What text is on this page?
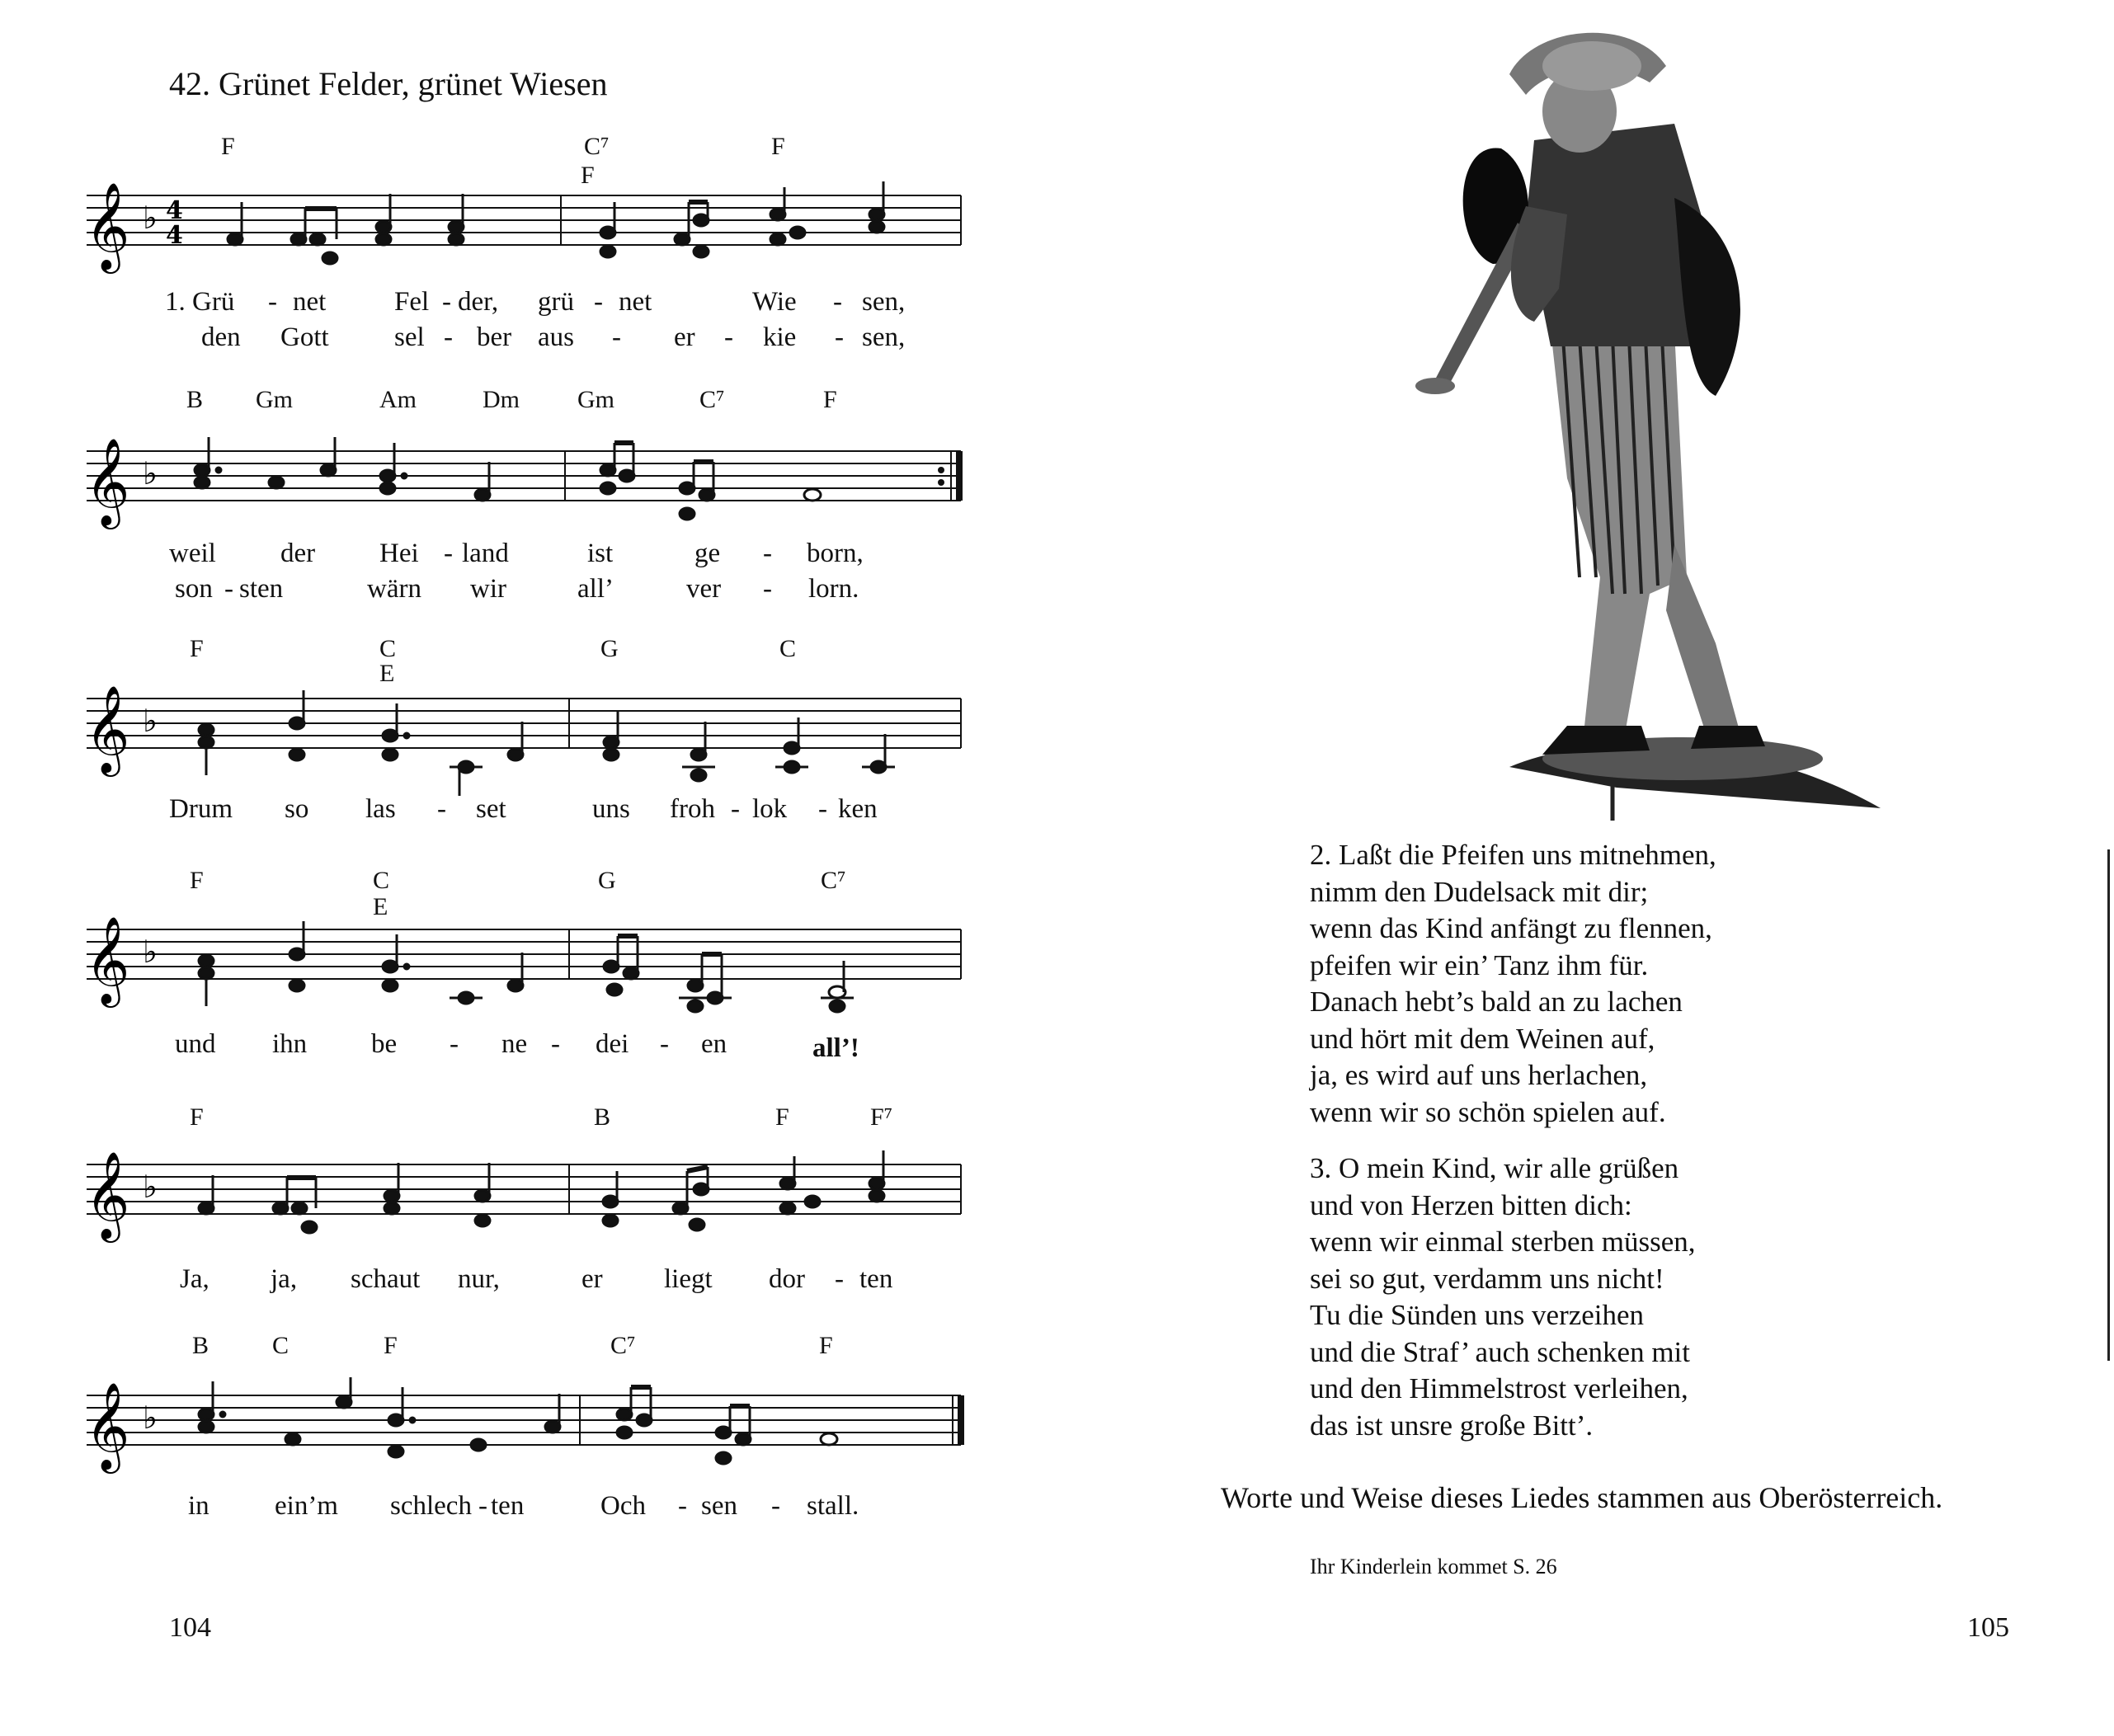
42. Grünet Felder, grünet Wiesen
F	C⁷	F
F
𝄞 ♭ 4
4
1. Grü - net	Fel - der, grü - net	Wie - sen,
den Gott sel - ber aus - er - kie - sen,
B Gm	Am	Dm Gm	C⁷	F
𝄞 ♭
weil der Hei - land	ist	ge - born,
son - sten	wärn wir	all’	ver - lorn.
F	C
E
G	C
𝄞 ♭
Drum so las - set	uns froh - lok - ken
F	C
E
G	C⁷
𝄞 ♭
und ihn be - ne - dei - en	all’!
F	B	F	F⁷
𝄞 ♭
Ja, ja, schaut nur,	er liegt dor - ten
B	C	F	C⁷	F
𝄞 ♭
in ein’m schlech - ten	Och - sen - stall.
2. Laßt die Pfeifen uns mitnehmen,
nimm den Dudelsack mit dir;
wenn das Kind anfängt zu flennen,
pfeifen wir ein’ Tanz ihm für.
Danach hebt’s bald an zu lachen
und hört mit dem Weinen auf,
ja, es wird auf uns herlachen,
wenn wir so schön spielen auf.
3. O mein Kind, wir alle grüßen
und von Herzen bitten dich:
wenn wir einmal sterben müssen,
sei so gut, verdamm uns nicht!
Tu die Sünden uns verzeihen
und die Straf’ auch schenken mit
und den Himmelstrost verleihen,
das ist unsre große Bitt’.
Worte und Weise dieses Liedes stammen aus Oberösterreich.
Ihr Kinderlein kommet S. 26
104	105
